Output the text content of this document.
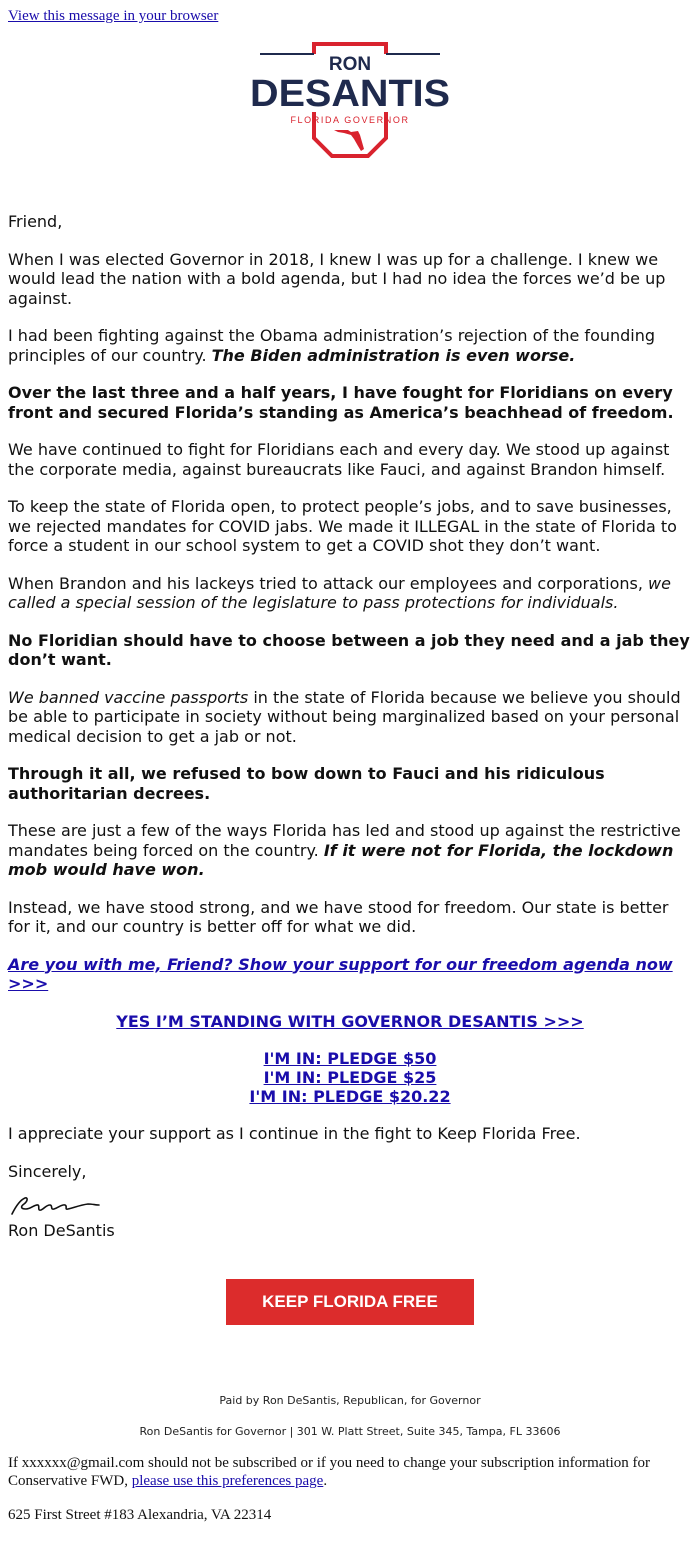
View this message in your browser
RON
DESANTIS
FLORIDA GOVERNOR

Friend,

When I was elected Governor in 2018, I knew I was up for a challenge. I knew we would lead the nation with a bold agenda, but I had no idea the forces we’d be up against.

I had been fighting against the Obama administration’s rejection of the founding principles of our country. The Biden administration is even worse.

Over the last three and a half years, I have fought for Floridians on every front and secured Florida’s standing as America’s beachhead of freedom.

We have continued to fight for Floridians each and every day. We stood up against the corporate media, against bureaucrats like Fauci, and against Brandon himself.

To keep the state of Florida open, to protect people’s jobs, and to save businesses, we rejected mandates for COVID jabs. We made it ILLEGAL in the state of Florida to force a student in our school system to get a COVID shot they don’t want.

When Brandon and his lackeys tried to attack our employees and corporations, we called a special session of the legislature to pass protections for individuals.

No Floridian should have to choose between a job they need and a jab they don’t want.

We banned vaccine passports in the state of Florida because we believe you should be able to participate in society without being marginalized based on your personal medical decision to get a jab or not.

Through it all, we refused to bow down to Fauci and his ridiculous authoritarian decrees.

These are just a few of the ways Florida has led and stood up against the restrictive mandates being forced on the country. If it were not for Florida, the lockdown mob would have won.

Instead, we have stood strong, and we have stood for freedom. Our state is better for it, and our country is better off for what we did.

Are you with me, Friend? Show your support for our freedom agenda now >>>

YES I’M STANDING WITH GOVERNOR DESANTIS >>>

I'M IN: PLEDGE $50
I'M IN: PLEDGE $25
I'M IN: PLEDGE $20.22

I appreciate your support as I continue in the fight to Keep Florida Free.

Sincerely,

Ron DeSantis

KEEP FLORIDA FREE
Paid by Ron DeSantis, Republican, for Governor
Ron DeSantis for Governor | 301 W. Platt Street, Suite 345, Tampa, FL 33606
If xxxxxx@gmail.com should not be subscribed or if you need to change your subscription information for Conservative FWD, please use this preferences page.
625 First Street #183 Alexandria, VA 22314
